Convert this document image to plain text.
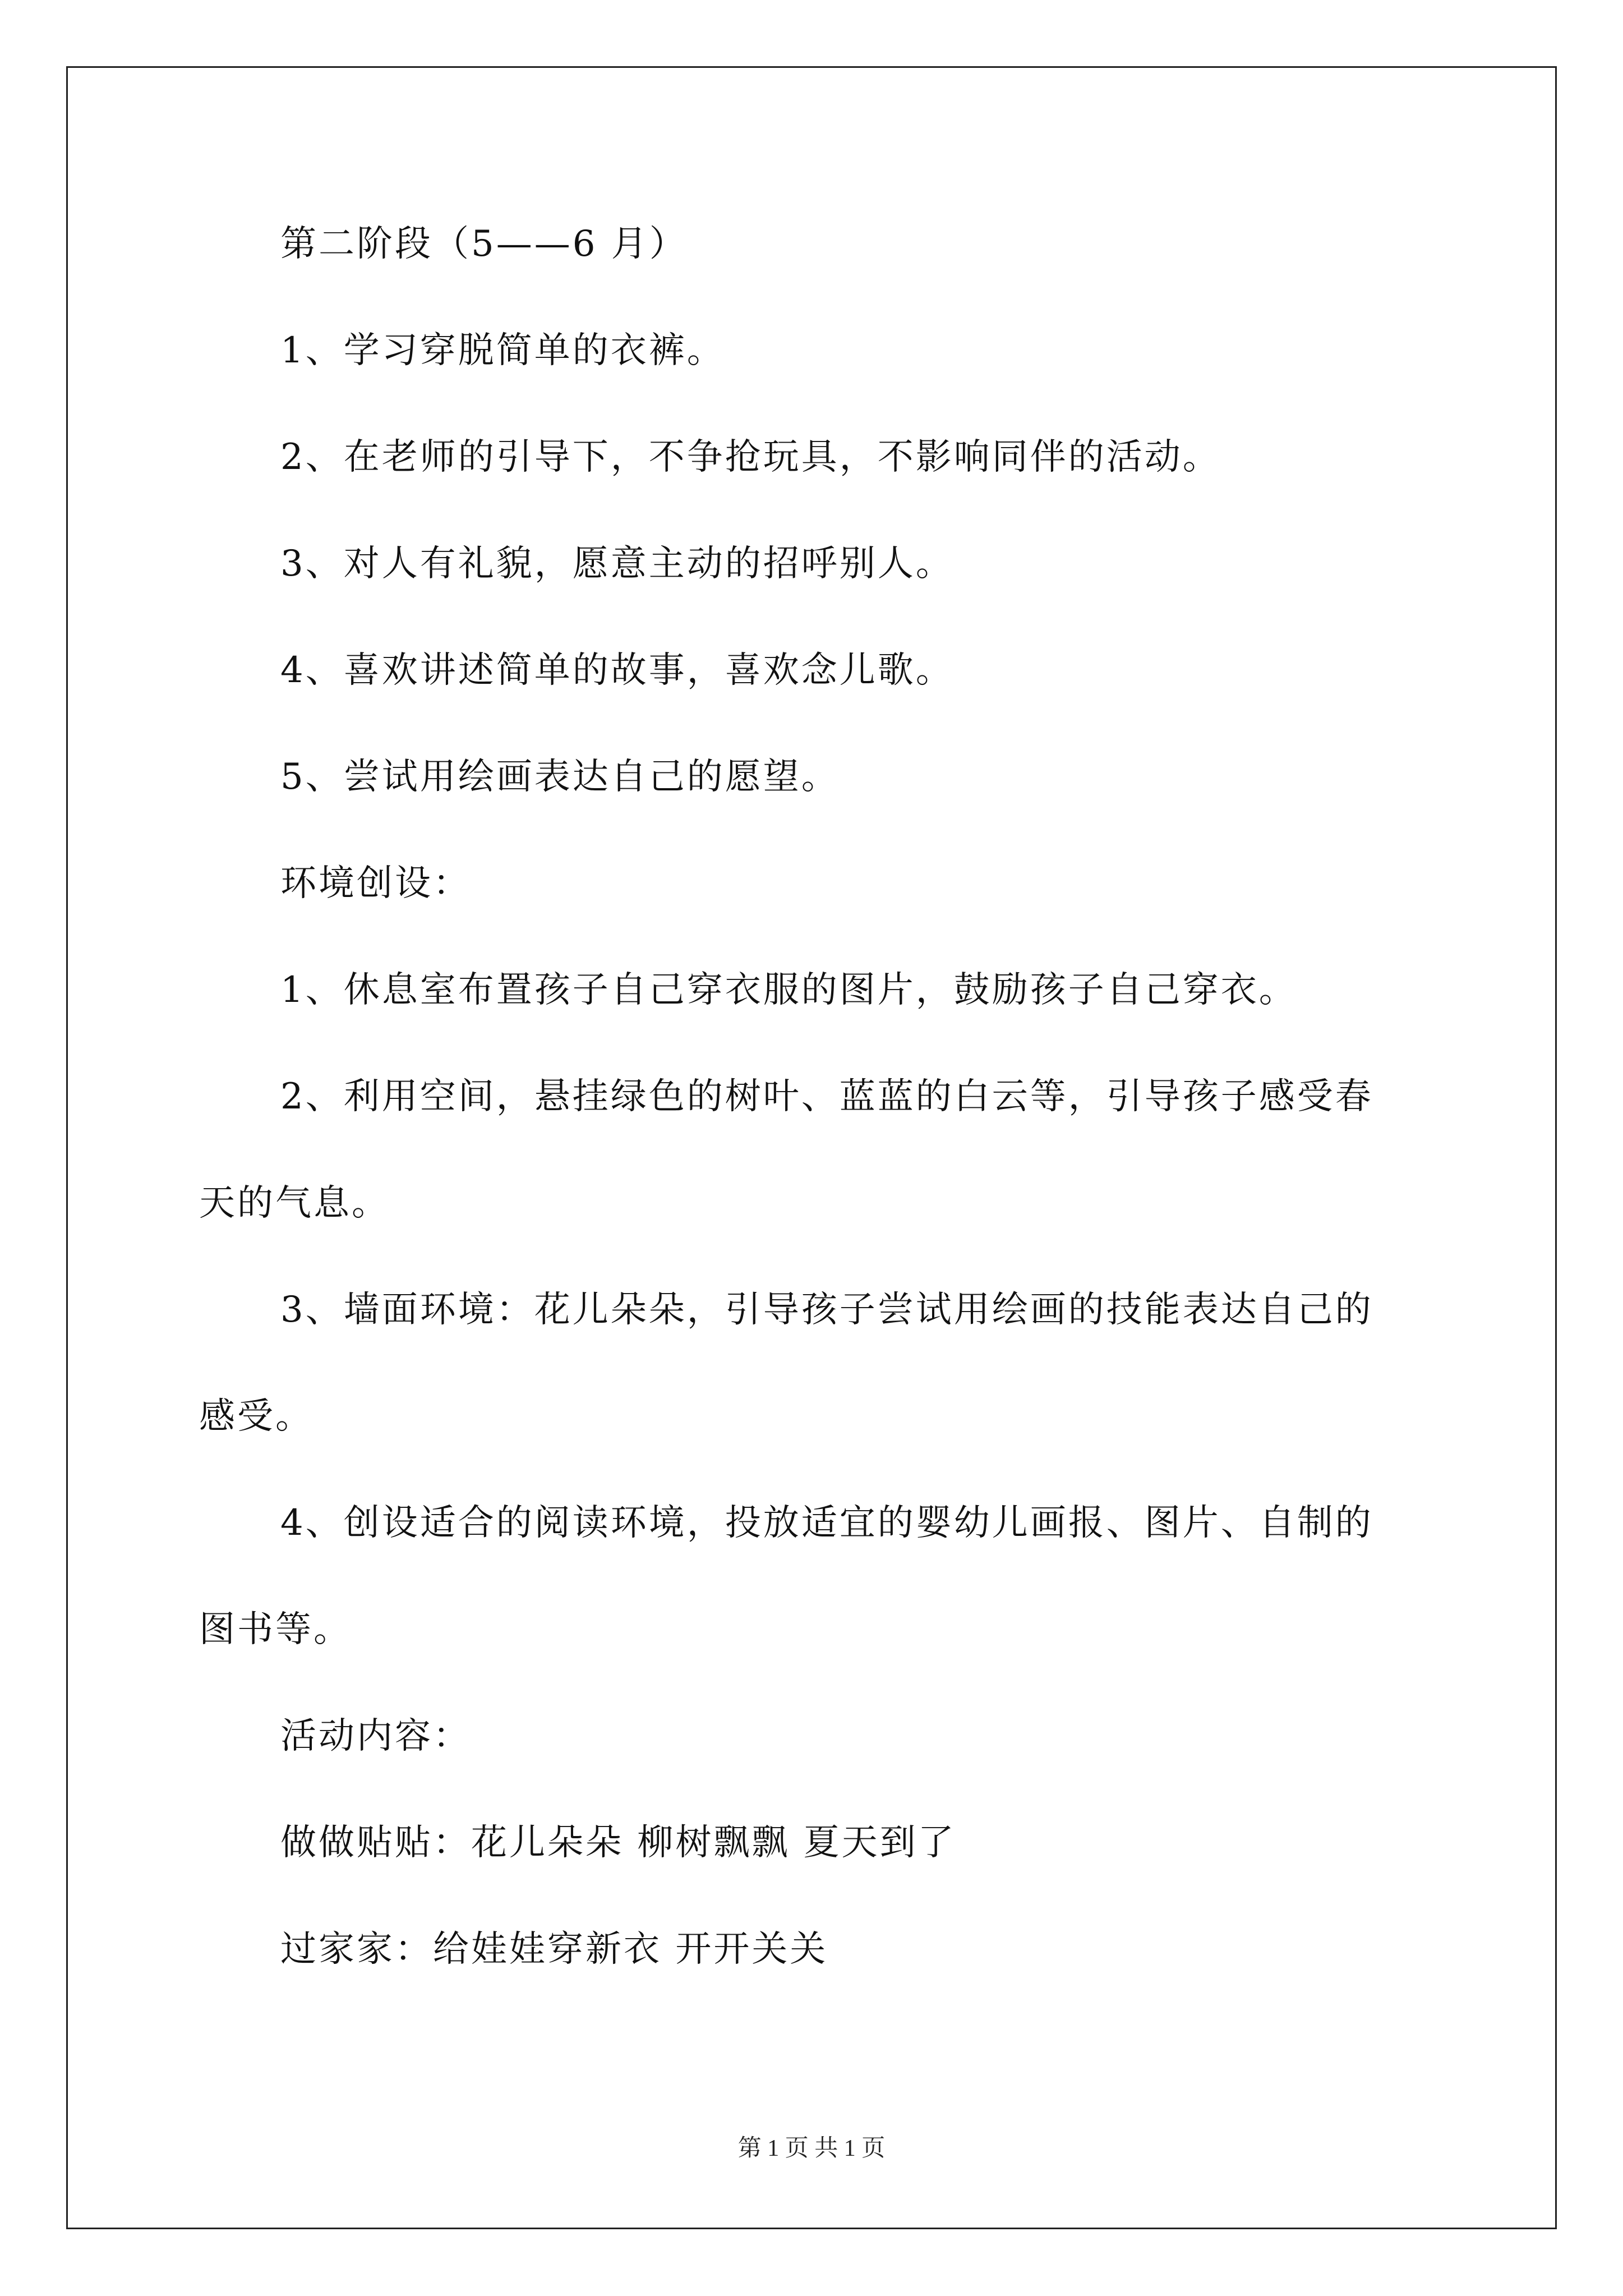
第二阶段（5——6 月）

1、学习穿脱简单的衣裤。

2、在老师的引导下，不争抢玩具，不影响同伴的活动。

3、对人有礼貌，愿意主动的招呼别人。

4、喜欢讲述简单的故事，喜欢念儿歌。

5、尝试用绘画表达自己的愿望。

环境创设：

1、休息室布置孩子自己穿衣服的图片，鼓励孩子自己穿衣。

2、利用空间，悬挂绿色的树叶、蓝蓝的白云等，引导孩子感受春
天的气息。
3、墙面环境：花儿朵朵，引导孩子尝试用绘画的技能表达自己的
感受。
4、创设适合的阅读环境，投放适宜的婴幼儿画报、图片、自制的
图书等。

活动内容：

做做贴贴：花儿朵朵 柳树飘飘 夏天到了

过家家：给娃娃穿新衣 开开关关

第 1 页 共 1 页
